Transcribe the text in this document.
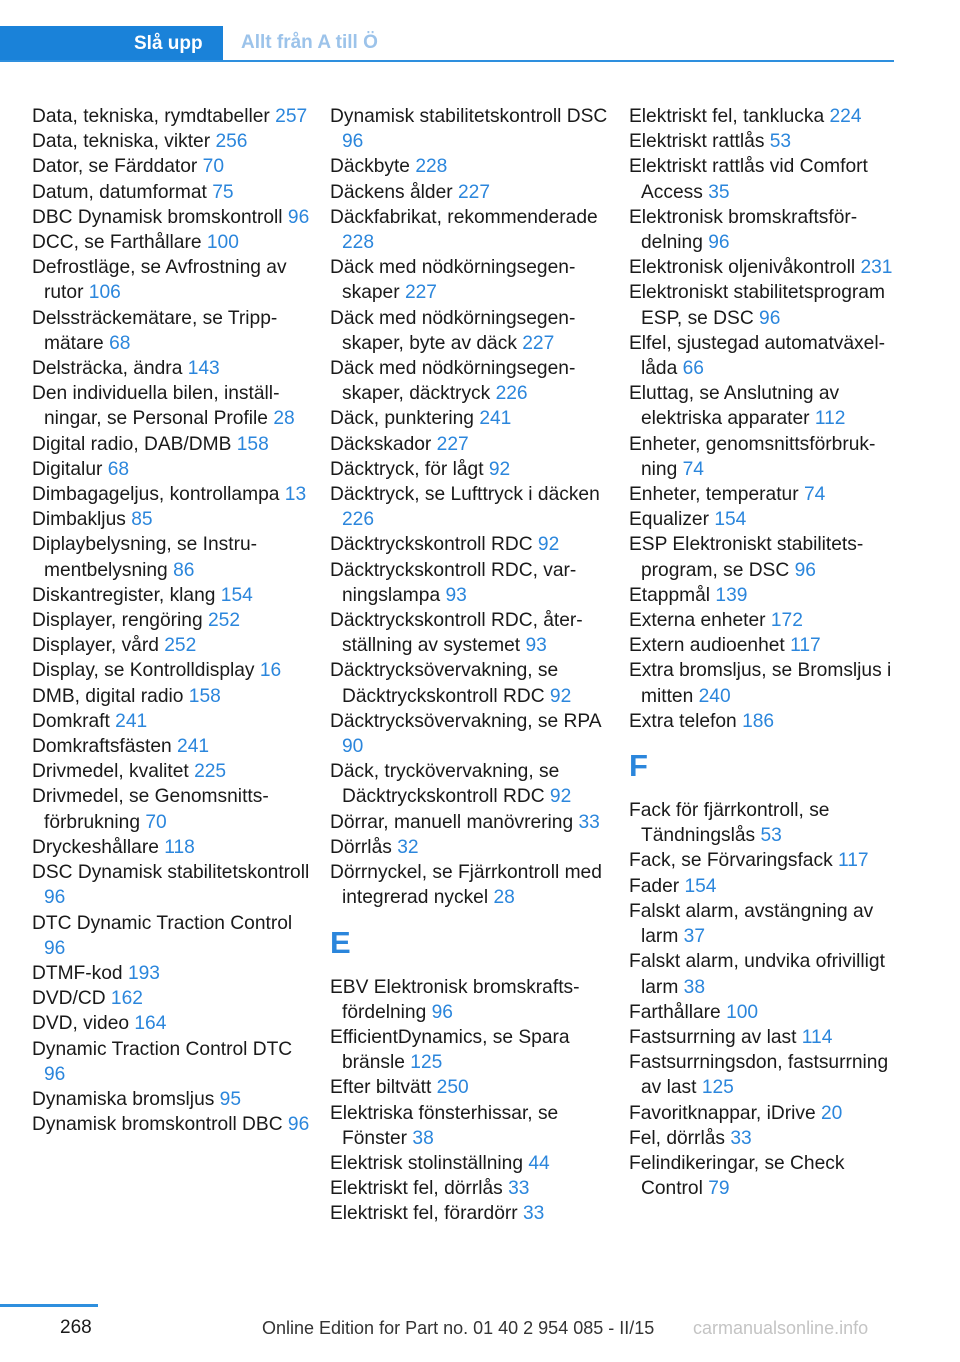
Slå upp	Allt från A till Ö
Data, tekniska, rymdtabeller 257
Data, tekniska, vikter 256
Dator, se Färddator 70
Datum, datumformat 75
DBC Dynamisk bromskontroll 96
DCC, se Farthållare 100
Defrostläge, se Avfrostning av rutor 106
Delssträckemätare, se Trippmätare 68
Delsträcka, ändra 143
Den individuella bilen, inställningar, se Personal Profile 28
Digital radio, DAB/DMB 158
Digitalur 68
Dimbagageljus, kontrollampa 13
Dimbakljus 85
Diplaybelysning, se Instrumentbelysning 86
Diskantregister, klang 154
Displayer, rengöring 252
Displayer, vård 252
Display, se Kontrolldisplay 16
DMB, digital radio 158
Domkraft 241
Domkraftsfästen 241
Drivmedel, kvalitet 225
Drivmedel, se Genomsnittsförbrukning 70
Dryckeshållare 118
DSC Dynamisk stabilitetskontroll 96
DTC Dynamic Traction Control 96
DTMF-kod 193
DVD/CD 162
DVD, video 164
Dynamic Traction Control DTC 96
Dynamiska bromsljus 95
Dynamisk bromskontroll DBC 96
Dynamisk stabilitetskontroll DSC 96
Däckbyte 228
Däckens ålder 227
Däckfabrikat, rekommenderade 228
Däck med nödkörningsegenskaper 227
Däck med nödkörningsegenskaper, byte av däck 227
Däck med nödkörningsegenskaper, däcktryck 226
Däck, punktering 241
Däckskador 227
Däcktryck, för lågt 92
Däcktryck, se Lufttryck i däcken 226
Däcktryckskontroll RDC 92
Däcktryckskontroll RDC, varningslampa 93
Däcktryckskontroll RDC, återställning av systemet 93
Däcktrycksövervakning, se Däcktryckskontroll RDC 92
Däcktrycksövervakning, se RPA 90
Däck, tryckövervakning, se Däcktryckskontroll RDC 92
Dörrar, manuell manövrering 33
Dörrlås 32
Dörrnyckel, se Fjärrkontroll med integrerad nyckel 28
E
EBV Elektronisk bromskraftsfördelning 96
EfficientDynamics, se Spara bränsle 125
Efter biltvätt 250
Elektriska fönsterhissar, se Fönster 38
Elektrisk stolinställning 44
Elektriskt fel, dörrlås 33
Elektriskt fel, förardörr 33
Elektriskt fel, tanklucka 224
Elektriskt rattlås 53
Elektriskt rattlås vid Comfort Access 35
Elektronisk bromskraftsfördelning 96
Elektronisk oljenivåkontroll 231
Elektroniskt stabilitetsprogram ESP, se DSC 96
Elfel, sjustegad automatväxellåda 66
Eluttag, se Anslutning av elektriska apparater 112
Enheter, genomsnittsförbrukning 74
Enheter, temperatur 74
Equalizer 154
ESP Elektroniskt stabilitetsprogram, se DSC 96
Etappmål 139
Externa enheter 172
Extern audioenhet 117
Extra bromsljus, se Bromsljus i mitten 240
Extra telefon 186
F
Fack för fjärrkontroll, se Tändningslås 53
Fack, se Förvaringsfack 117
Fader 154
Falskt alarm, avstängning av larm 37
Falskt alarm, undvika ofrivilligt larm 38
Farthållare 100
Fastsurrning av last 114
Fastsurrningsdon, fastsurrning av last 125
Favoritknappar, iDrive 20
Fel, dörrlås 33
Felindikeringar, se Check Control 79
268	Online Edition for Part no. 01 40 2 954 085 - II/15 carmanualsonline.info
